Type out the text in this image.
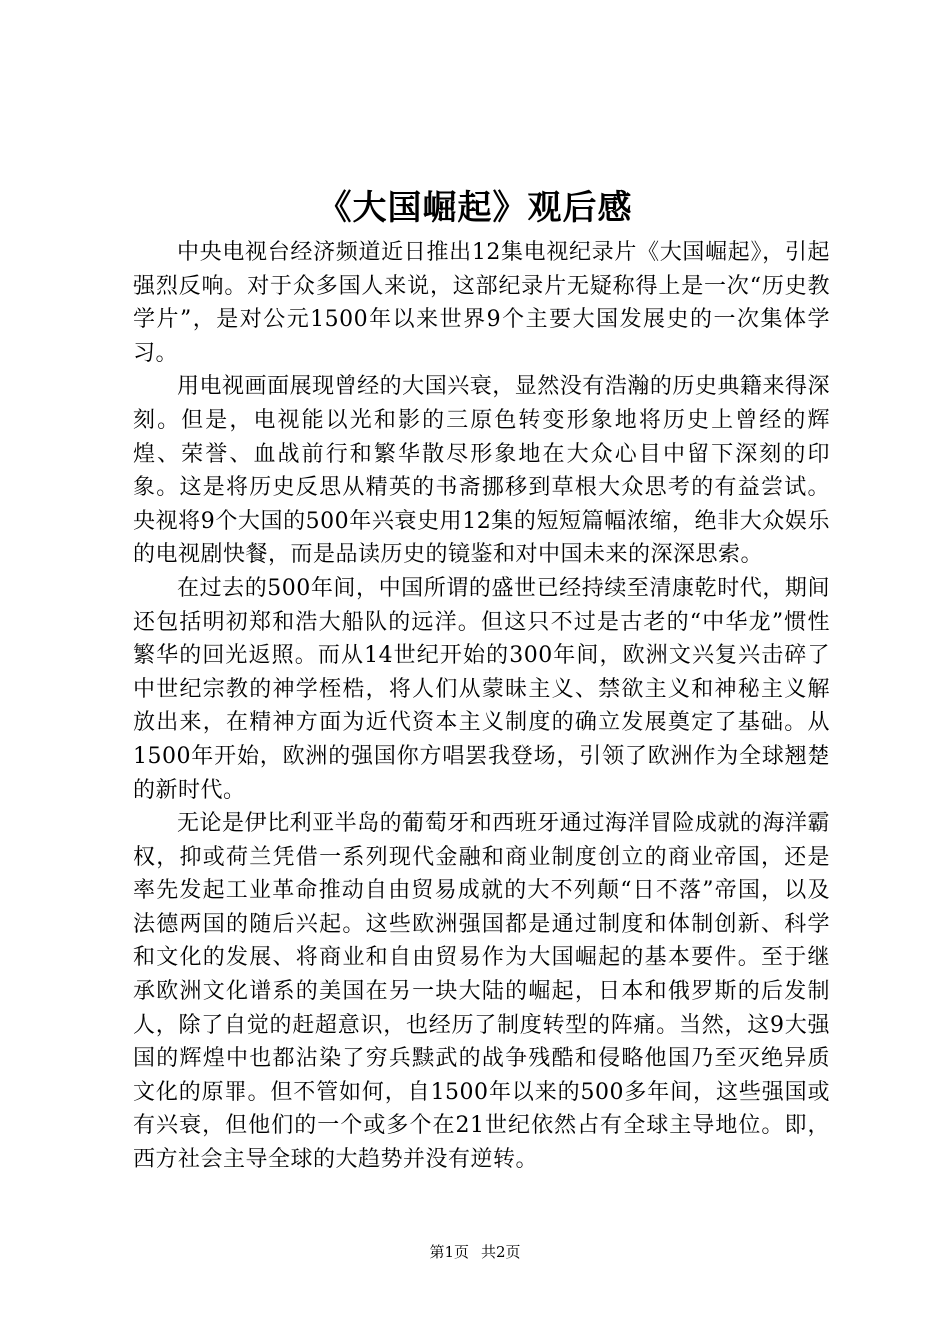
《大国崛起》观后感

中央电视台经济频道近日推出12集电视纪录片《大国崛起》，引起强烈反响。对于众多国人来说，这部纪录片无疑称得上是一次“历史教学片”，是对公元1500年以来世界9个主要大国发展史的一次集体学习。

用电视画面展现曾经的大国兴衰，显然没有浩瀚的历史典籍来得深刻。但是，电视能以光和影的三原色转变形象地将历史上曾经的辉煌、荣誉、血战前行和繁华散尽形象地在大众心目中留下深刻的印象。这是将历史反思从精英的书斋挪移到草根大众思考的有益尝试。央视将9个大国的500年兴衰史用12集的短短篇幅浓缩，绝非大众娱乐的电视剧快餐，而是品读历史的镜鉴和对中国未来的深深思索。

在过去的500年间，中国所谓的盛世已经持续至清康乾时代，期间还包括明初郑和浩大船队的远洋。但这只不过是古老的“中华龙”惯性繁华的回光返照。而从14世纪开始的300年间，欧洲文兴复兴击碎了中世纪宗教的神学桎梏，将人们从蒙昧主义、禁欲主义和神秘主义解放出来，在精神方面为近代资本主义制度的确立发展奠定了基础。从1500年开始，欧洲的强国你方唱罢我登场，引领了欧洲作为全球翘楚的新时代。

无论是伊比利亚半岛的葡萄牙和西班牙通过海洋冒险成就的海洋霸权，抑或荷兰凭借一系列现代金融和商业制度创立的商业帝国，还是率先发起工业革命推动自由贸易成就的大不列颠“日不落”帝国，以及法德两国的随后兴起。这些欧洲强国都是通过制度和体制创新、科学和文化的发展、将商业和自由贸易作为大国崛起的基本要件。至于继承欧洲文化谱系的美国在另一块大陆的崛起，日本和俄罗斯的后发制人，除了自觉的赶超意识，也经历了制度转型的阵痛。当然，这9大强国的辉煌中也都沾染了穷兵黩武的战争残酷和侵略他国乃至灭绝异质文化的原罪。但不管如何，自1500年以来的500多年间，这些强国或有兴衰，但他们的一个或多个在21世纪依然占有全球主导地位。即，西方社会主导全球的大趋势并没有逆转。

第1页 共2页
